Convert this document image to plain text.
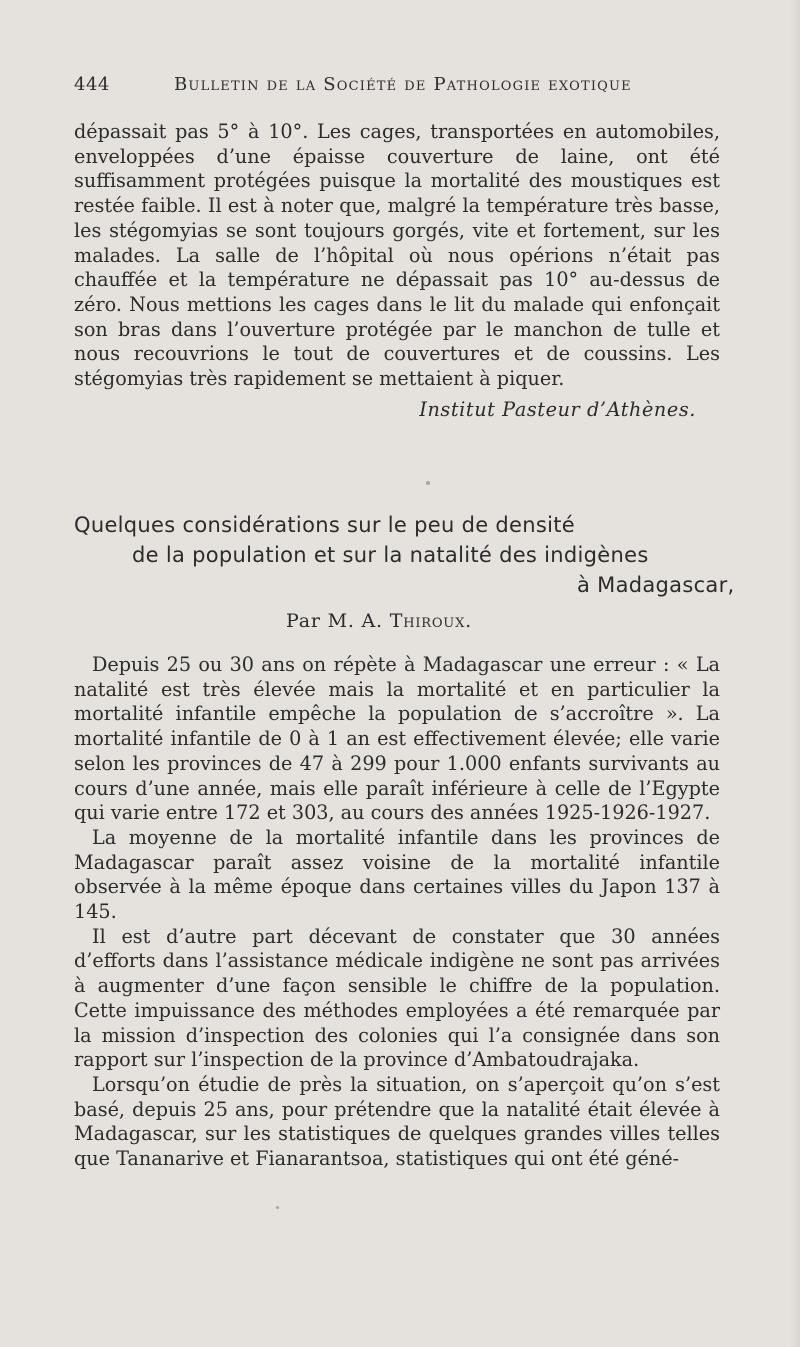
444	Bulletin de la Société de Pathologie exotique

dépassait pas 5° à 10°. Les cages, transportées en automobiles, enveloppées d’une épaisse couverture de laine, ont été suffisamment protégées puisque la mortalité des moustiques est restée faible. Il est à noter que, malgré la température très basse, les stégomyias se sont toujours gorgés, vite et fortement, sur les malades. La salle de l’hôpital où nous opérions n’était pas chauffée et la température ne dépassait pas 10° au-dessus de zéro. Nous mettions les cages dans le lit du malade qui enfonçait son bras dans l’ouverture protégée par le manchon de tulle et nous recouvrions le tout de couvertures et de coussins. Les stégomyias très rapidement se mettaient à piquer.

Institut Pasteur d’Athènes.
Quelques considérations sur le peu de densité
de la population et sur la natalité des indigènes
à Madagascar,
Par M. A. Thiroux.

Depuis 25 ou 30 ans on répète à Madagascar une erreur : « La natalité est très élevée mais la mortalité et en particulier la mortalité infantile empêche la population de s’accroître ». La mortalité infantile de 0 à 1 an est effectivement élevée; elle varie selon les provinces de 47 à 299 pour 1.000 enfants survivants au cours d’une année, mais elle paraît inférieure à celle de l’Egypte qui varie entre 172 et 303, au cours des années 1925-1926-1927.

La moyenne de la mortalité infantile dans les provinces de Madagascar paraît assez voisine de la mortalité infantile observée à la même époque dans certaines villes du Japon 137 à 145.

Il est d’autre part décevant de constater que 30 années d’efforts dans l’assistance médicale indigène ne sont pas arrivées à augmenter d’une façon sensible le chiffre de la population. Cette impuissance des méthodes employées a été remarquée par la mission d’inspection des colonies qui l’a consignée dans son rapport sur l’inspection de la province d’Ambatoudrajaka.

Lorsqu’on étudie de près la situation, on s’aperçoit qu’on s’est basé, depuis 25 ans, pour prétendre que la natalité était élevée à Madagascar, sur les statistiques de quelques grandes villes telles que Tananarive et Fianarantsoa, statistiques qui ont été géné-
